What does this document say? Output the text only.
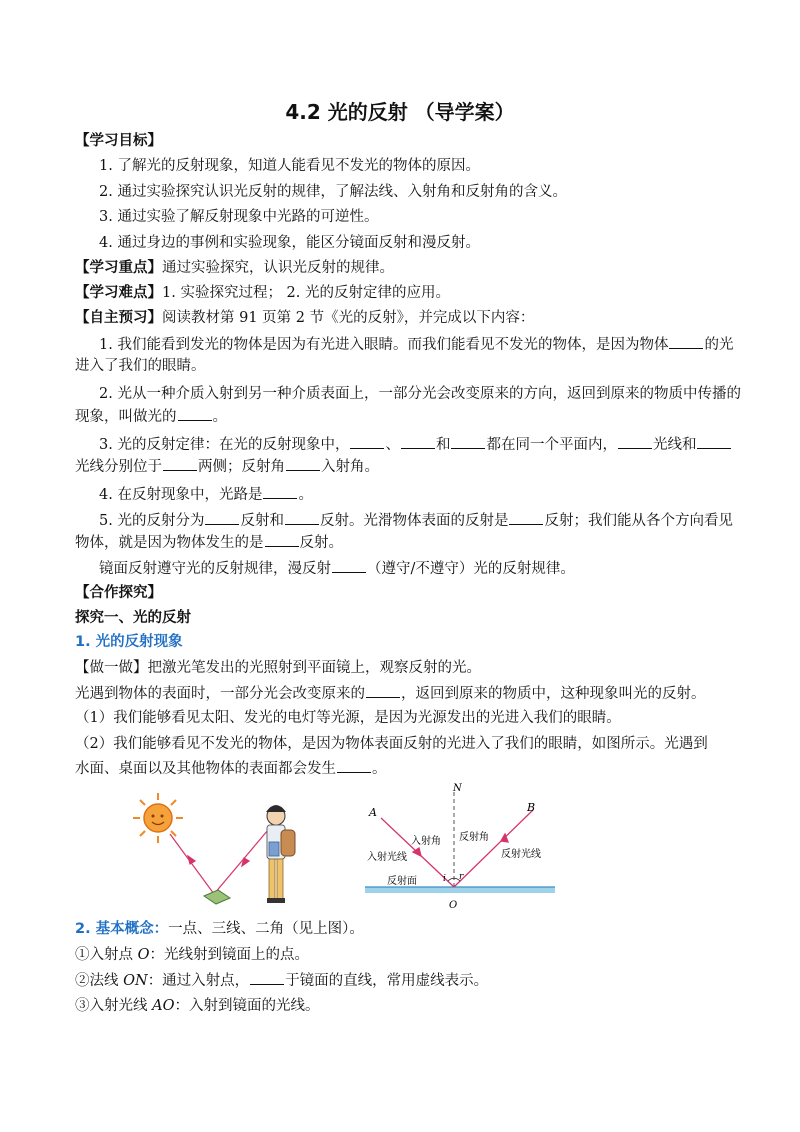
4.2 光的反射 （导学案）
【学习目标】
1. 了解光的反射现象，知道人能看见不发光的物体的原因。
2. 通过实验探究认识光反射的规律，了解法线、入射角和反射角的含义。
3. 通过实验了解反射现象中光路的可逆性。
4. 通过身边的事例和实验现象，能区分镜面反射和漫反射。
【学习重点】通过实验探究，认识光反射的规律。
【学习难点】1. 实验探究过程； 2. 光的反射定律的应用。
【自主预习】阅读教材第 91 页第 2 节《光的反射》，并完成以下内容：
1. 我们能看到发光的物体是因为有光进入眼睛。而我们能看见不发光的物体，是因为物体 的光
进入了我们的眼睛。
2. 光从一种介质入射到另一种介质表面上，一部分光会改变原来的方向，返回到原来的物质中传播的
现象，叫做光的 。
3. 光的反射定律：在光的反射现象中， 、 和 都在同一个平面内， 光线和
光线分别位于 两侧；反射角 入射角。
4. 在反射现象中，光路是 。
5. 光的反射分为 反射和 反射。光滑物体表面的反射是 反射；我们能从各个方向看见
物体，就是因为物体发生的是 反射。
镜面反射遵守光的反射规律，漫反射 （遵守/不遵守）光的反射规律。
【合作探究】
探究一、光的反射
1. 光的反射现象
【做一做】把激光笔发出的光照射到平面镜上，观察反射的光。
光遇到物体的表面时，一部分光会改变原来的 ，返回到原来的物质中，这种现象叫光的反射。
（1）我们能够看见太阳、发光的电灯等光源，是因为光源发出的光进入我们的眼睛。
（2）我们能够看见不发光的物体，是因为物体表面反射的光进入了我们的眼睛，如图所示。光遇到
水面、桌面以及其他物体的表面都会发生 。
N
A	B
O
i r
入射角 反射角
入射光线	反射光线
反射面
2. 基本概念：一点、三线、二角（见上图）。
①入射点 O：光线射到镜面上的点。
②法线 ON：通过入射点， 于镜面的直线，常用虚线表示。
③入射光线 AO：入射到镜面的光线。
